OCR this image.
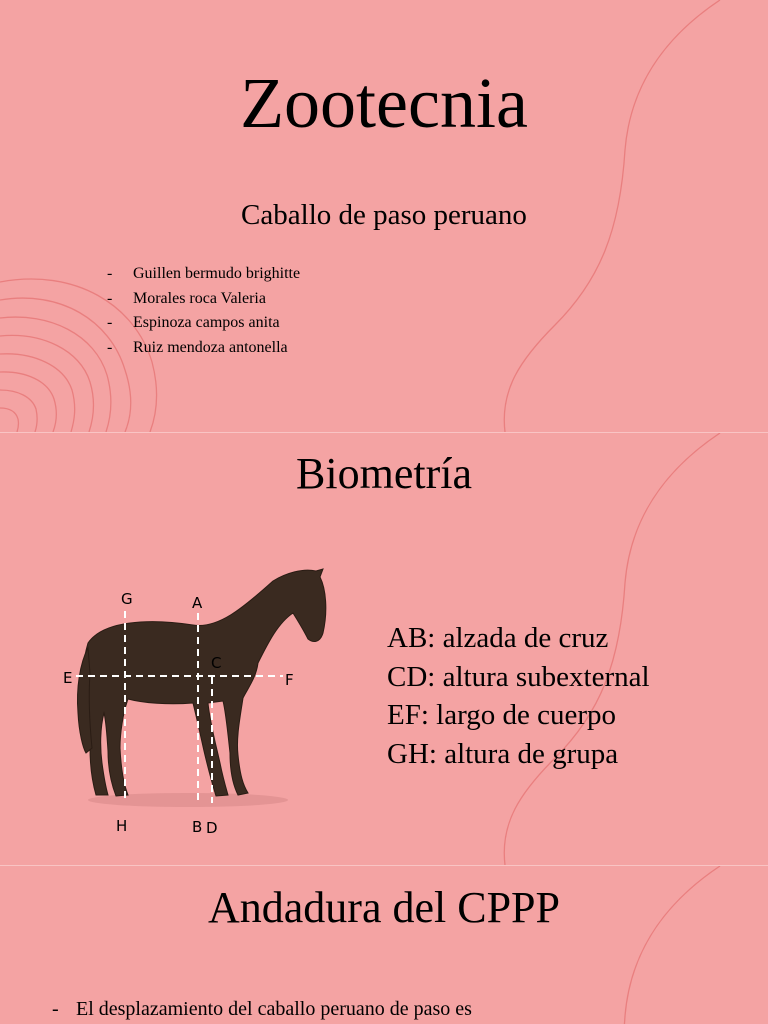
Zootecnia
Caballo de paso peruano
-	Guillen bermudo brighitte
-	Morales roca Valeria
-	Espinoza campos anita
-	Ruiz mendoza antonella
Biometría
G	A
C
E	F
H	B D
AB: alzada de cruz
CD: altura subexternal
EF: largo de cuerpo
GH: altura de grupa
Andadura del CPPP
- El desplazamiento del caballo peruano de paso es
